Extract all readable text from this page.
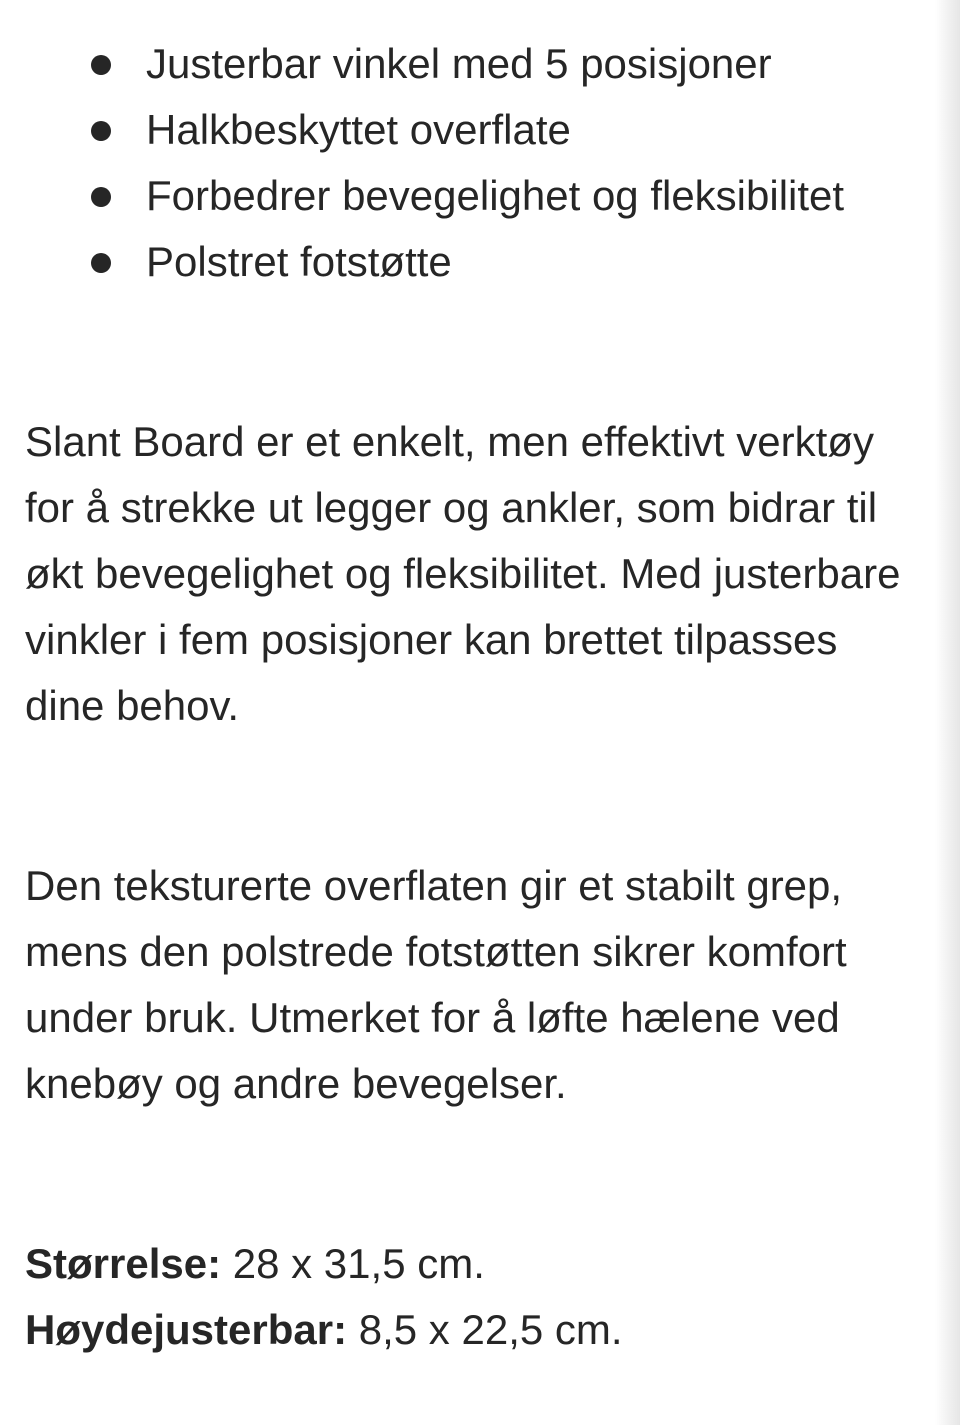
Justerbar vinkel med 5 posisjoner
Halkbeskyttet overflate
Forbedrer bevegelighet og fleksibilitet
Polstret fotstøtte

Slant Board er et enkelt, men effektivt verktøy for å strekke ut legger og ankler, som bidrar til økt bevegelighet og fleksibilitet. Med justerbare vinkler i fem posisjoner kan brettet tilpasses dine behov.

Den teksturerte overflaten gir et stabilt grep, mens den polstrede fotstøtten sikrer komfort under bruk. Utmerket for å løfte hælene ved knebøy og andre bevegelser.

Størrelse: 28 x 31,5 cm.
Høydejusterbar: 8,5 x 22,5 cm.
